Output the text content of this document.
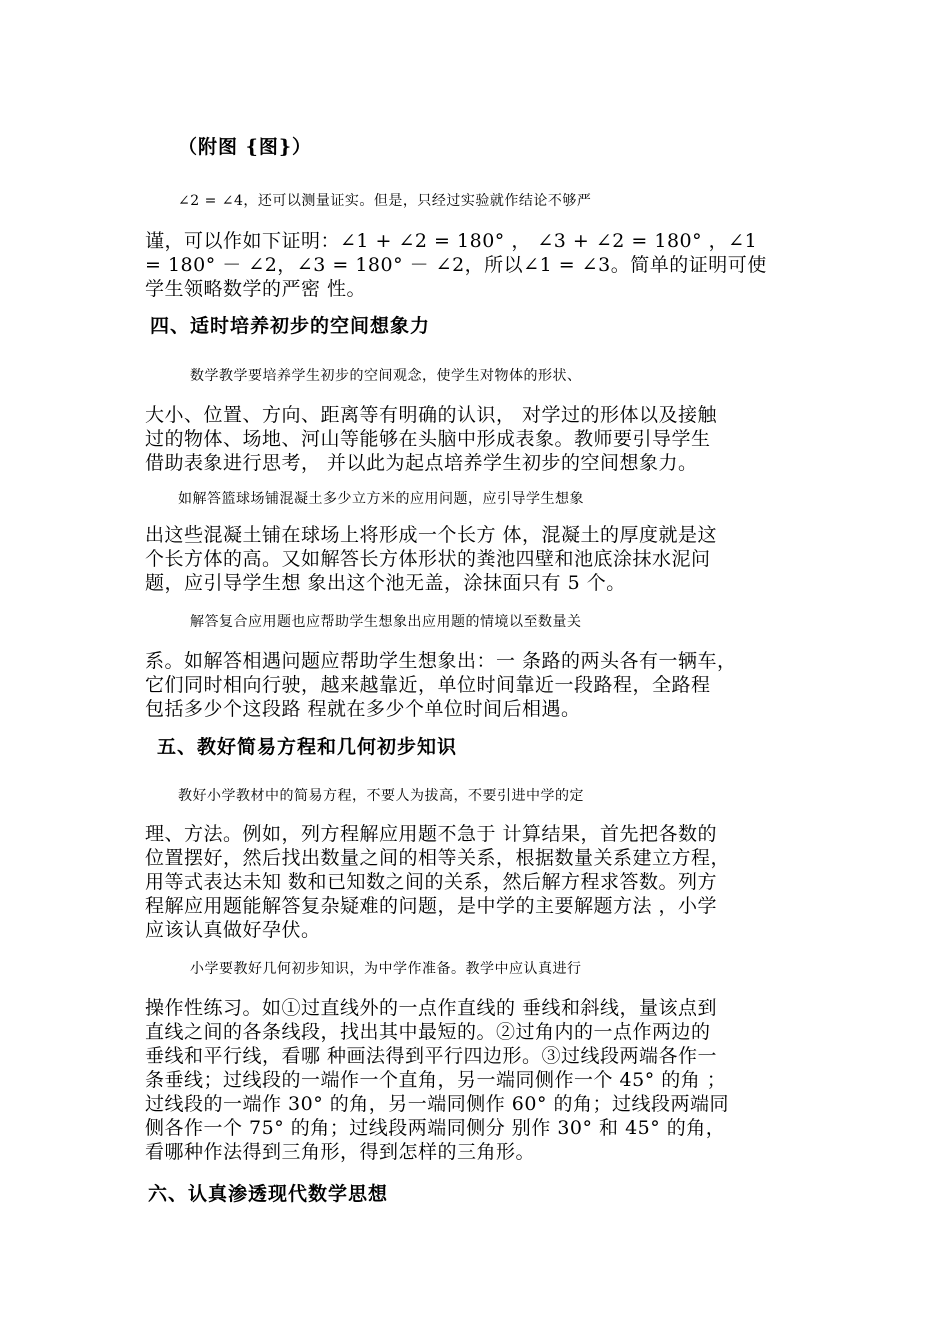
（附图 {图}）
∠2 = ∠4，还可以测量证实。但是，只经过实验就作结论不够严
谨，可以作如下证明：∠1 + ∠2 = 180° ， ∠3 + ∠2 = 180° ，∠1
= 180° － ∠2，∠3 = 180° － ∠2，所以∠1 = ∠3。简单的证明可使
学生领略数学的严密 性。
四、适时培养初步的空间想象力
数学教学要培养学生初步的空间观念，使学生对物体的形状、
大小、位置、方向、距离等有明确的认识， 对学过的形体以及接触
过的物体、场地、河山等能够在头脑中形成表象。教师要引导学生
借助表象进行思考， 并以此为起点培养学生初步的空间想象力。
如解答篮球场铺混凝土多少立方米的应用问题，应引导学生想象
出这些混凝土铺在球场上将形成一个长方 体，混凝土的厚度就是这
个长方体的高。又如解答长方体形状的粪池四壁和池底涂抹水泥问
题，应引导学生想 象出这个池无盖，涂抹面只有 5 个。
解答复合应用题也应帮助学生想象出应用题的情境以至数量关
系。如解答相遇问题应帮助学生想象出：一 条路的两头各有一辆车，
它们同时相向行驶，越来越靠近，单位时间靠近一段路程，全路程
包括多少个这段路 程就在多少个单位时间后相遇。
五、教好简易方程和几何初步知识
教好小学教材中的简易方程，不要人为拔高，不要引进中学的定
理、方法。例如，列方程解应用题不急于 计算结果，首先把各数的
位置摆好，然后找出数量之间的相等关系，根据数量关系建立方程，
用等式表达未知 数和已知数之间的关系，然后解方程求答数。列方
程解应用题能解答复杂疑难的问题，是中学的主要解题方法 ，小学
应该认真做好孕伏。
小学要教好几何初步知识，为中学作准备。教学中应认真进行
操作性练习。如①过直线外的一点作直线的 垂线和斜线，量该点到
直线之间的各条线段，找出其中最短的。②过角内的一点作两边的
垂线和平行线，看哪 种画法得到平行四边形。③过线段两端各作一
条垂线；过线段的一端作一个直角，另一端同侧作一个 45° 的角 ；
过线段的一端作 30° 的角，另一端同侧作 60° 的角；过线段两端同
侧各作一个 75° 的角；过线段两端同侧分 别作 30° 和 45° 的角，
看哪种作法得到三角形，得到怎样的三角形。
六、认真渗透现代数学思想
